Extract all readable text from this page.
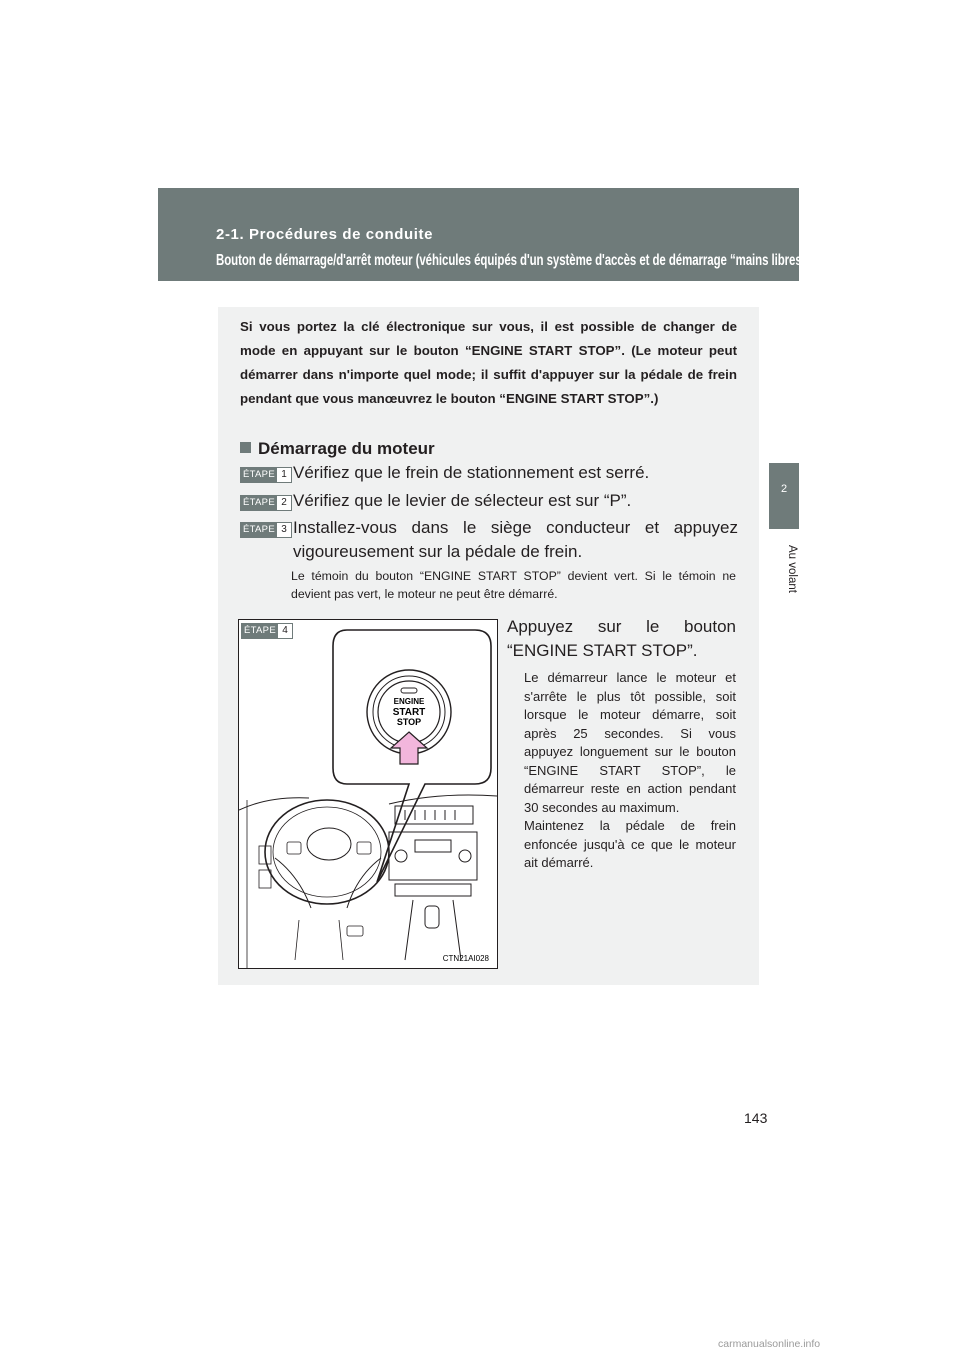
2-1. Procédures de conduite
Bouton de démarrage/d'arrêt moteur (véhicules équipés d'un système d'accès et de démarrage “mains libres”)
2
Au volant
Si vous portez la clé électronique sur vous, il est possible de changer de mode en appuyant sur le bouton “ENGINE START STOP”. (Le moteur peut démarrer dans n'importe quel mode; il suffit d'appuyer sur la pédale de frein pendant que vous manœuvrez le bouton “ENGINE START STOP”.)
Démarrage du moteur
ÉTAPE 1 Vérifiez que le frein de stationnement est serré.
ÉTAPE 2 Vérifiez que le levier de sélecteur est sur “P”.
ÉTAPE 3 Installez-vous dans le siège conducteur et appuyez
vigoureusement sur la pédale de frein.
Le témoin du bouton “ENGINE START STOP” devient vert. Si le témoin ne devient pas vert, le moteur ne peut être démarré.
ÉTAPE 4
ENGINE
START
STOP
CTN21AI028
Appuyez sur le bouton
“ENGINE START STOP”.
Le démarreur lance le moteur et s'arrête le plus tôt possible, soit lorsque le moteur démarre, soit après 25 secondes. Si vous appuyez longuement sur le bouton “ENGINE START STOP”, le démarreur reste en action pendant 30 secondes au maximum.
Maintenez la pédale de frein enfoncée jusqu'à ce que le moteur ait démarré.
143
carmanualsonline.info
